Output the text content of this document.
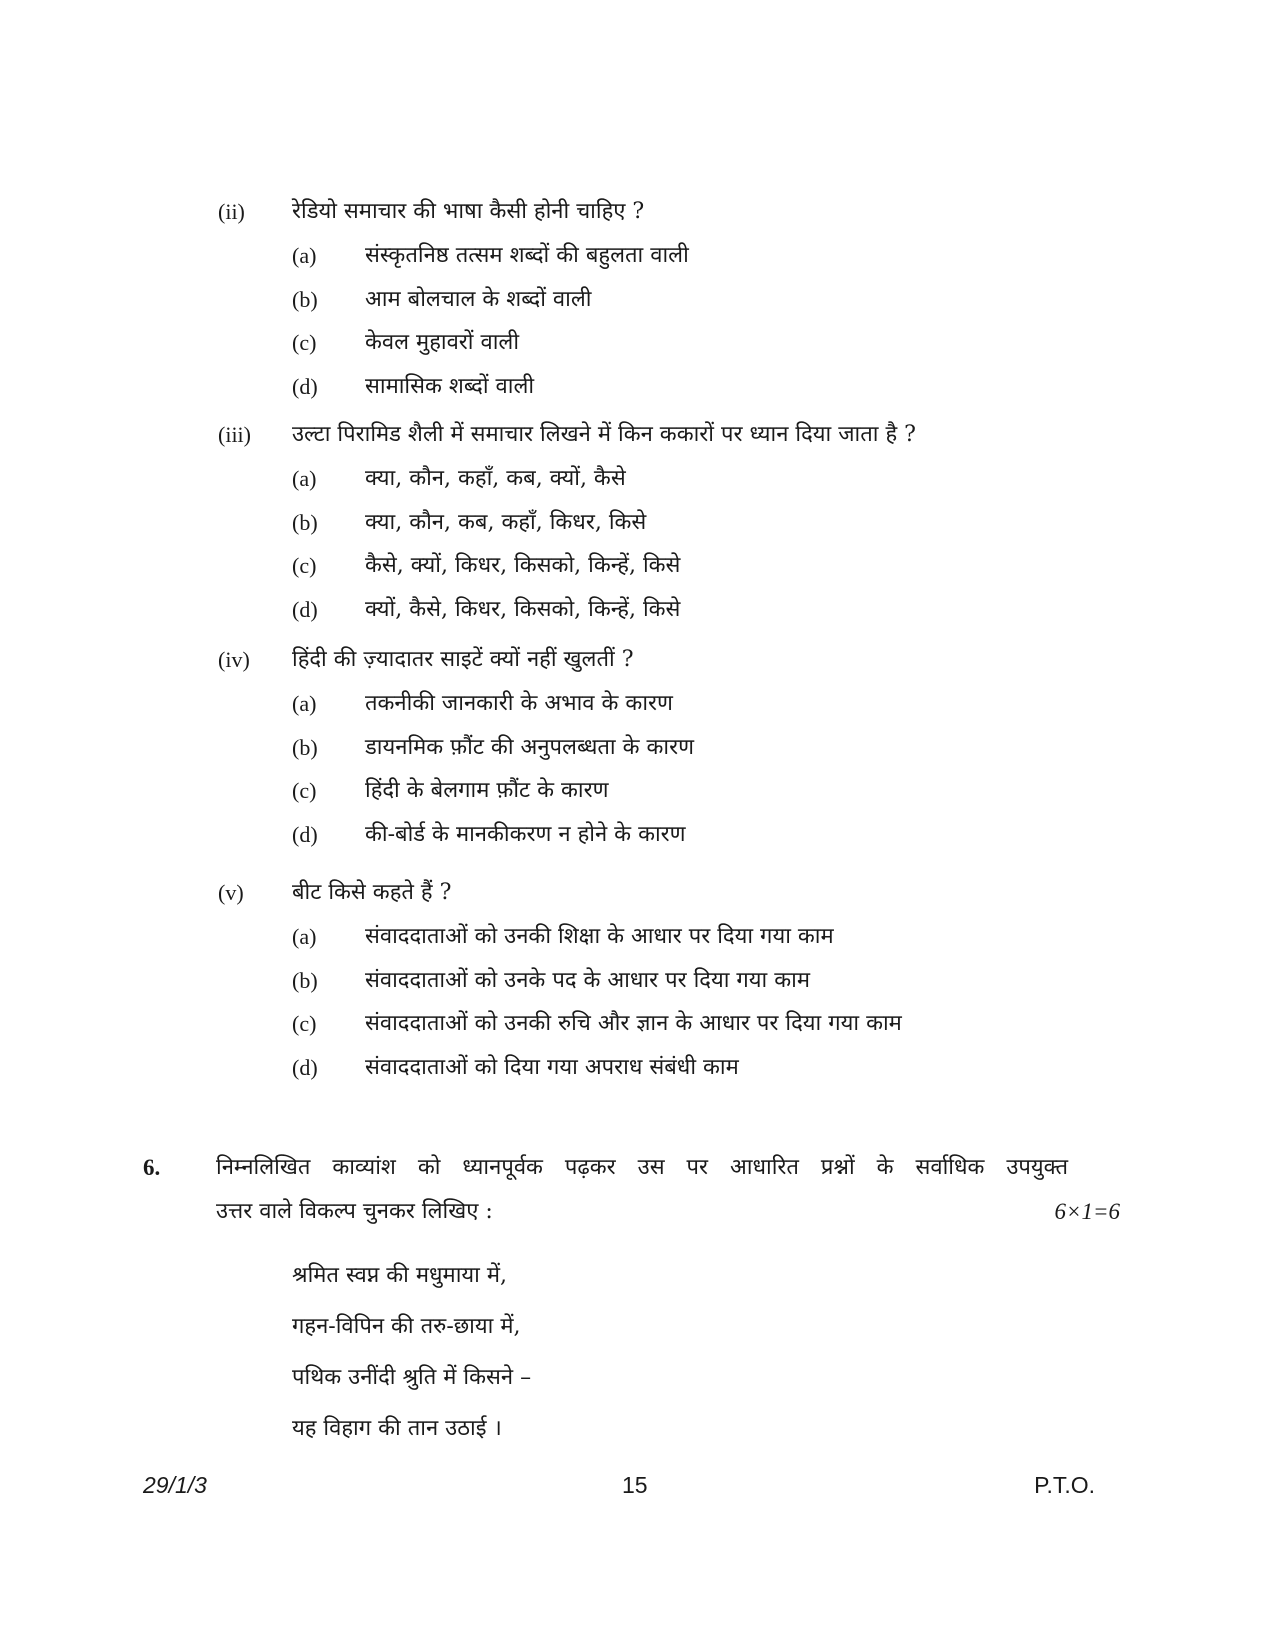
(ii) रेडियो समाचार की भाषा कैसी होनी चाहिए ?
(a) संस्कृतनिष्ठ तत्सम शब्दों की बहुलता वाली
(b) आम बोलचाल के शब्दों वाली
(c) केवल मुहावरों वाली
(d) सामासिक शब्दों वाली
(iii) उल्टा पिरामिड शैली में समाचार लिखने में किन ककारों पर ध्यान दिया जाता है ?
(a) क्या, कौन, कहाँ, कब, क्यों, कैसे
(b) क्या, कौन, कब, कहाँ, किधर, किसे
(c) कैसे, क्यों, किधर, किसको, किन्हें, किसे
(d) क्यों, कैसे, किधर, किसको, किन्हें, किसे
(iv) हिंदी की ज़्यादातर साइटें क्यों नहीं खुलतीं ?
(a) तकनीकी जानकारी के अभाव के कारण
(b) डायनमिक फ़ौंट की अनुपलब्धता के कारण
(c) हिंदी के बेलगाम फ़ौंट के कारण
(d) की-बोर्ड के मानकीकरण न होने के कारण
(v) बीट किसे कहते हैं ?
(a) संवाददाताओं को उनकी शिक्षा के आधार पर दिया गया काम
(b) संवाददाताओं को उनके पद के आधार पर दिया गया काम
(c) संवाददाताओं को उनकी रुचि और ज्ञान के आधार पर दिया गया काम
(d) संवाददाताओं को दिया गया अपराध संबंधी काम
6.	निम्नलिखित काव्यांश को ध्यानपूर्वक पढ़कर उस पर आधारित प्रश्नों के सर्वाधिक उपयुक्त
उत्तर वाले विकल्प चुनकर लिखिए :	6×1=6
श्रमित स्वप्न की मधुमाया में,
गहन-विपिन की तरु-छाया में,
पथिक उनींदी श्रुति में किसने –
यह विहाग की तान उठाई ।
29/1/3	15	P.T.O.
